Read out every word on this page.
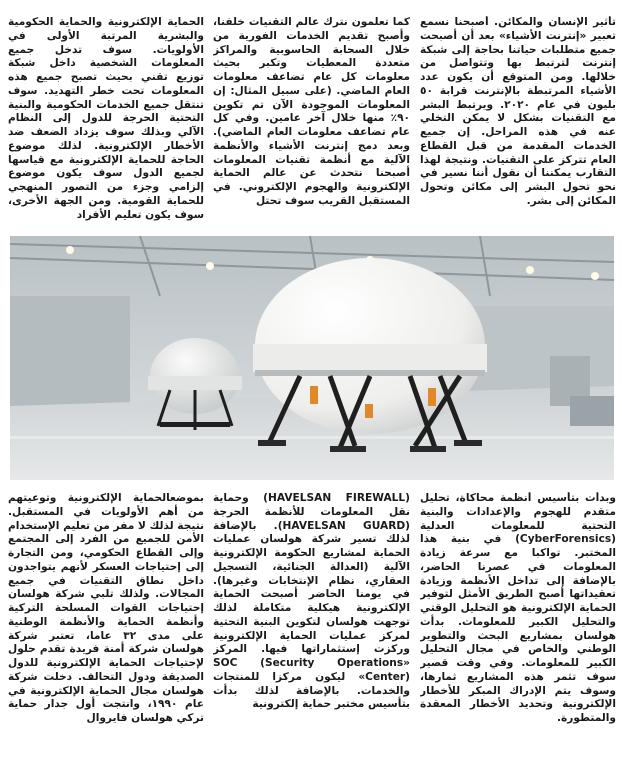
تأثير الإنسان والمكائن. أصبحنا نسمع تعبير «إنترنت الأشياء» بعد أن أصبحت جميع متطلبات حياتنا بحاجة إلى شبكة إنترنت لترتبط بها وتتواصل من خلالها. ومن المتوقع أن يكون عدد الأشياء المرتبطة بالإنترنت قرابة ٥٠ بليون في عام ٢٠٢٠. ويرتبط البشر مع التقنيات بشكل لا يمكن التخلي عنه في هذه المراحل. إن جميع الخدمات المقدمة من قبل القطاع العام تتركز على التقنيات. ونتيجة لهذا التقارب يمكننا أن نقول أننا نسير في نحو تحول البشر إلى مكائن وتحول المكائن إلى بشر.

كما تعلمون نترك عالم التقنيات خلفنا، وأصبح تقديم الخدمات الفورية من خلال السحابة الحاسوبية والمراكز متعددة المعطيات وتكبر بحيث معلومات كل عام تضاعف معلومات العام الماضي. (على سبيل المثال: إن المعلومات الموجودة الآن تم تكوين ٩٠٪ منها خلال آخر عامين. وفي كل عام تضاعف معلومات العام الماضي). وبعد دمج إنترنت الأشياء والأنظمة الآلية مع أنظمة تقنيات المعلومات أصبحنا نتحدث عن عالم الحماية الإلكترونية والهجوم الإلكتروني. في المستقبل القريب سوف تحتل

الحماية الإلكترونية والحماية الحكومية والبشرية المرتبة الأولى في الأولويات. سوف تدخل جميع المعلومات الشخصية داخل شبكة توزيع تقني بحيث تصبح جميع هذه المعلومات تحت خطر التهديد. سوف تنتقل جميع الخدمات الحكومية والبنية التحتية الحرجة للدول إلى النظام الآلي وبذلك سوف يزداد الضعف ضد الأخطار الإلكترونية. لذلك موضوع الحاجة للحماية الإلكترونية مع قياسها لجميع الدول سوف يكون موضوع إلزامي وجزء من التصور المنهجي للحماية القومية. ومن الجهة الأخرى، سوف يكون تعليم الأفراد

وبدأت بتأسيس أنظمة محاكاة، تحليل متقدم للهجوم والإعدادات والبنية التحتية للمعلومات العدلية (CyberForensics) في بنية هذا المختبر. تواكبا مع سرعة زيادة المعلومات في عصرنا الحاضر، بالإضافة إلى تداخل الأنظمة وزيادة تعقيداتها أصبح الطريق الأمثل لتوفير الحماية الإلكترونية هو التحليل الوقتي والتحليل الكبير للمعلومات. بدأت هولسان بمشاريع البحث والتطوير الوطني والخاص في مجال التحليل الكبير للمعلومات. وفي وقت قصير سوف تثمر هذه المشاريع ثمارها، وسوف يتم الإدراك المبكر للأخطار الإلكترونية وتحديد الأخطار المعقدة والمتطورة.

(HAVELSAN FIREWALL) وحماية نقل المعلومات للأنظمة الحرجة (HAVELSAN GUARD). بالإضافة لذلك تسير شركة هولسان عمليات الحماية لمشاريع الحكومة الإلكترونية الآلية (العدالة الجنائية، التسجيل العقاري، نظام الإنتخابات وغيرها). في يومنا الحاضر أصبحت الحماية الإلكترونية هيكلية متكاملة لذلك توجهت هولسان لتكوين البنية التحتية لمركز عمليات الحماية الإلكترونية وركزت إستثماراتها فيها. المركز «SOC (Security Operations Center)» ليكون مركزا للمنتجات والخدمات. بالإضافة لذلك بدأت بتأسيس مختبر حماية إلكترونية

بموضعالحماية الإلكترونية وتوعيتهم من أهم الأولويات في المستقبل. نتيجة لذلك لا مفر من تعليم الإستخدام الأمن للجميع من الفرد إلى المجتمع وإلى القطاع الحكومي، ومن التجارة إلى إحتياجات العسكر لأنهم يتواجدون داخل نطاق التقنيات في جميع المجالات. ولذلك تلبي شركة هولسان إحتياجات القوات المسلحة التركية وأنظمة الحماية والأنظمة الوطنية على مدى ٣٢ عاما، تعتبر شركة هولسان شركة أمنة فريدة تقدم حلول لإحتياجات الحماية الإلكترونية للدول الصديقة ودول التحالف. دخلت شركة هولسان مجال الحماية الإلكترونية في عام ١٩٩٠، وانتجت أول جدار حماية تركي هولسان فايروال
